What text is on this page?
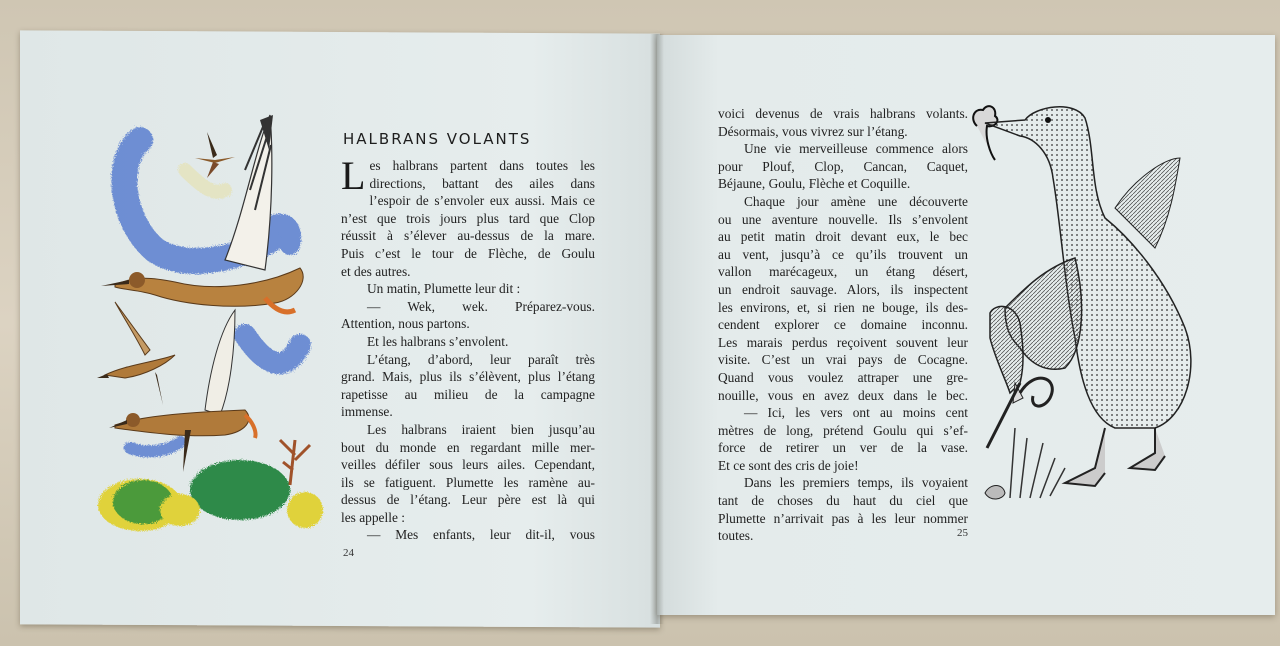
HALBRANS VOLANTS
L es halbrans partent dans toutes les
directions, battant des ailes dans
l’espoir de s’envoler eux aussi. Mais ce
n’est que trois jours plus tard que Clop
réussit à s’élever au-dessus de la mare.
Puis c’est le tour de Flèche, de Goulu
et des autres.
Un matin, Plumette leur dit :
— Wek, wek. Préparez-vous.
Attention, nous partons.
Et les halbrans s’envolent.
L’étang, d’abord, leur paraît très
grand. Mais, plus ils s’élèvent, plus l’étang
rapetisse au milieu de la campagne
immense.
Les halbrans iraient bien jusqu’au
bout du monde en regardant mille mer-
veilles défiler sous leurs ailes. Cependant,
ils se fatiguent. Plumette les ramène au-
dessus de l’étang. Leur père est là qui
les appelle :
— Mes enfants, leur dit-il, vous
24
voici devenus de vrais halbrans volants.
Désormais, vous vivrez sur l’étang.
Une vie merveilleuse commence alors
pour Plouf, Clop, Cancan, Caquet,
Béjaune, Goulu, Flèche et Coquille.
Chaque jour amène une découverte
ou une aventure nouvelle. Ils s’envolent
au petit matin droit devant eux, le bec
au vent, jusqu’à ce qu’ils trouvent un
vallon marécageux, un étang désert,
un endroit sauvage. Alors, ils inspectent
les environs, et, si rien ne bouge, ils des-
cendent explorer ce domaine inconnu.
Les marais perdus reçoivent souvent leur
visite. C’est un vrai pays de Cocagne.
Quand vous voulez attraper une gre-
nouille, vous en avez deux dans le bec.
— Ici, les vers ont au moins cent
mètres de long, prétend Goulu qui s’ef-
force de retirer un ver de la vase.
Et ce sont des cris de joie!
Dans les premiers temps, ils voyaient
tant de choses du haut du ciel que
Plumette n’arrivait pas à les leur nommer
toutes.	25
